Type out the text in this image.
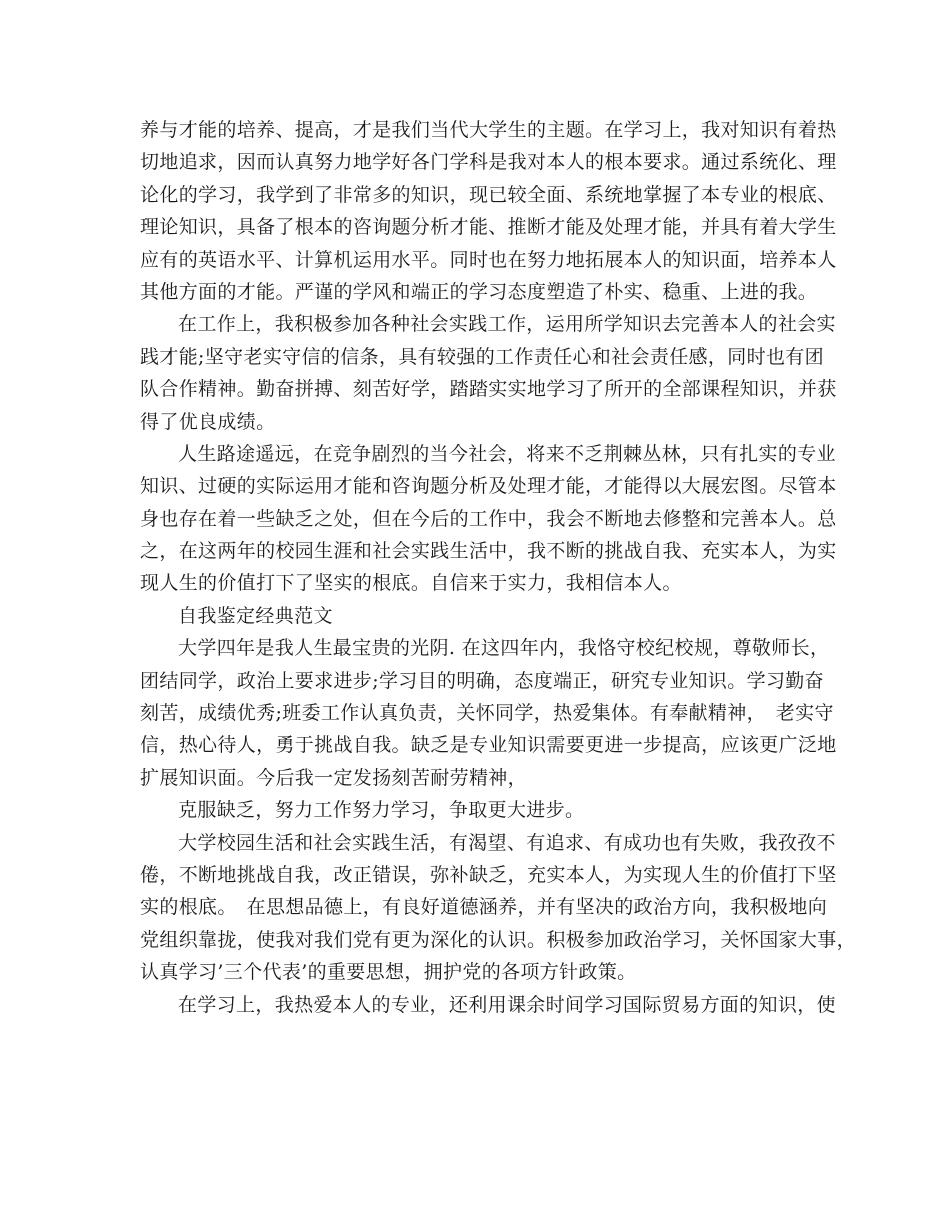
养与才能的培养、提高，才是我们当代大学生的主题。在学习上，我对知识有着热
切地追求，因而认真努力地学好各门学科是我对本人的根本要求。通过系统化、理
论化的学习，我学到了非常多的知识，现已较全面、系统地掌握了本专业的根底、
理论知识，具备了根本的咨询题分析才能、推断才能及处理才能，并具有着大学生
应有的英语水平、计算机运用水平。同时也在努力地拓展本人的知识面，培养本人
其他方面的才能。严谨的学风和端正的学习态度塑造了朴实、稳重、上进的我。
在工作上，我积极参加各种社会实践工作，运用所学知识去完善本人的社会实
践才能;坚守老实守信的信条，具有较强的工作责任心和社会责任感，同时也有团
队合作精神。勤奋拼搏、刻苦好学，踏踏实实地学习了所开的全部课程知识，并获
得了优良成绩。
人生路途遥远，在竞争剧烈的当今社会，将来不乏荆棘丛林，只有扎实的专业
知识、过硬的实际运用才能和咨询题分析及处理才能，才能得以大展宏图。尽管本
身也存在着一些缺乏之处，但在今后的工作中，我会不断地去修整和完善本人。总
之，在这两年的校园生涯和社会实践生活中，我不断的挑战自我、充实本人，为实
现人生的价值打下了坚实的根底。自信来于实力，我相信本人。
自我鉴定经典范文
大学四年是我人生最宝贵的光阴. 在这四年内，我恪守校纪校规，尊敬师长，
团结同学，政治上要求进步;学习目的明确，态度端正，研究专业知识。学习勤奋
刻苦，成绩优秀;班委工作认真负责，关怀同学，热爱集体。有奉献精神，　老实守
信，热心待人，勇于挑战自我。缺乏是专业知识需要更进一步提高，应该更广泛地
扩展知识面。今后我一定发扬刻苦耐劳精神，
克服缺乏，努力工作努力学习，争取更大进步。
大学校园生活和社会实践生活，有渴望、有追求、有成功也有失败，我孜孜不
倦，不断地挑战自我，改正错误，弥补缺乏，充实本人，为实现人生的价值打下坚
实的根底。　在思想品德上，有良好道德涵养，并有坚决的政治方向，我积极地向
党组织靠拢，使我对我们党有更为深化的认识。积极参加政治学习，关怀国家大事，
认真学习’三个代表’的重要思想，拥护党的各项方针政策。
在学习上，我热爱本人的专业，还利用课余时间学习国际贸易方面的知识，使
